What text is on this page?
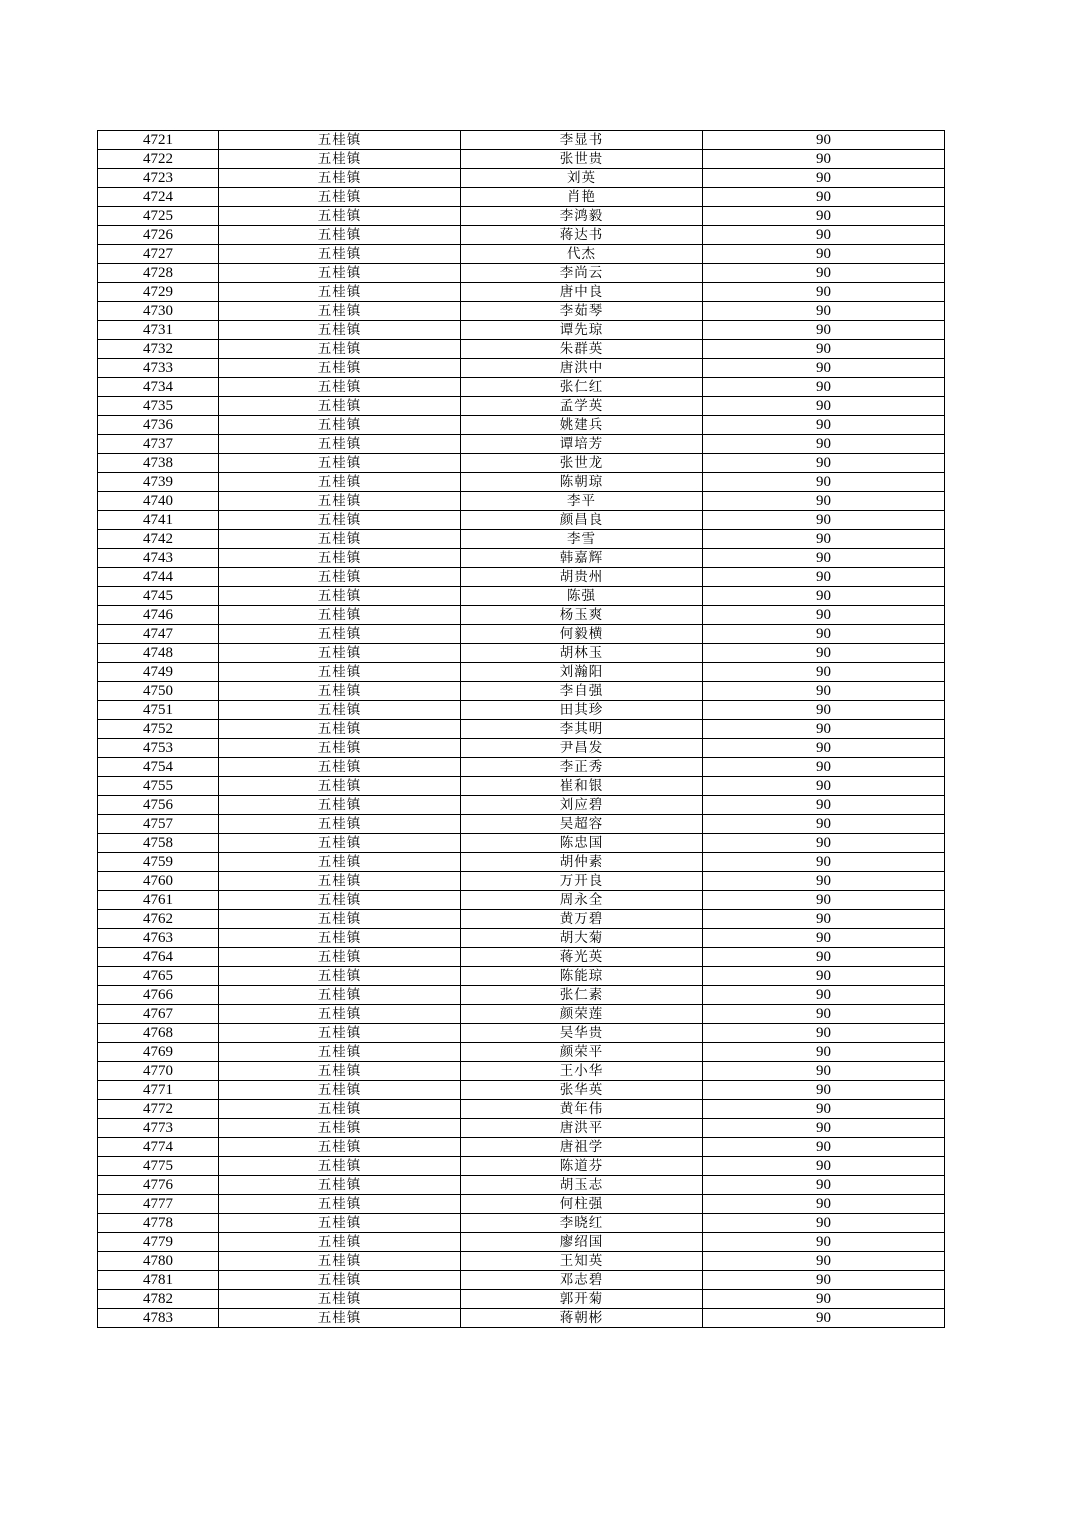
4721	五桂镇	李显书	90
4722	五桂镇	张世贵	90
4723	五桂镇	刘英	90
4724	五桂镇	肖艳	90
4725	五桂镇	李鸿毅	90
4726	五桂镇	蒋达书	90
4727	五桂镇	代杰	90
4728	五桂镇	李尚云	90
4729	五桂镇	唐中良	90
4730	五桂镇	李茹琴	90
4731	五桂镇	谭先琼	90
4732	五桂镇	朱群英	90
4733	五桂镇	唐洪中	90
4734	五桂镇	张仁红	90
4735	五桂镇	孟学英	90
4736	五桂镇	姚建兵	90
4737	五桂镇	谭培芳	90
4738	五桂镇	张世龙	90
4739	五桂镇	陈朝琼	90
4740	五桂镇	李平	90
4741	五桂镇	颜昌良	90
4742	五桂镇	李雪	90
4743	五桂镇	韩嘉辉	90
4744	五桂镇	胡贵州	90
4745	五桂镇	陈强	90
4746	五桂镇	杨玉爽	90
4747	五桂镇	何毅横	90
4748	五桂镇	胡林玉	90
4749	五桂镇	刘瀚阳	90
4750	五桂镇	李自强	90
4751	五桂镇	田其珍	90
4752	五桂镇	李其明	90
4753	五桂镇	尹昌发	90
4754	五桂镇	李正秀	90
4755	五桂镇	崔和银	90
4756	五桂镇	刘应碧	90
4757	五桂镇	吴超容	90
4758	五桂镇	陈忠国	90
4759	五桂镇	胡仲素	90
4760	五桂镇	万开良	90
4761	五桂镇	周永全	90
4762	五桂镇	黄万碧	90
4763	五桂镇	胡大菊	90
4764	五桂镇	蒋光英	90
4765	五桂镇	陈能琼	90
4766	五桂镇	张仁素	90
4767	五桂镇	颜荣莲	90
4768	五桂镇	吴华贵	90
4769	五桂镇	颜荣平	90
4770	五桂镇	王小华	90
4771	五桂镇	张华英	90
4772	五桂镇	黄年伟	90
4773	五桂镇	唐洪平	90
4774	五桂镇	唐祖学	90
4775	五桂镇	陈道芬	90
4776	五桂镇	胡玉志	90
4777	五桂镇	何柱强	90
4778	五桂镇	李晓红	90
4779	五桂镇	廖绍国	90
4780	五桂镇	王知英	90
4781	五桂镇	邓志碧	90
4782	五桂镇	郭开菊	90
4783	五桂镇	蒋朝彬	90
